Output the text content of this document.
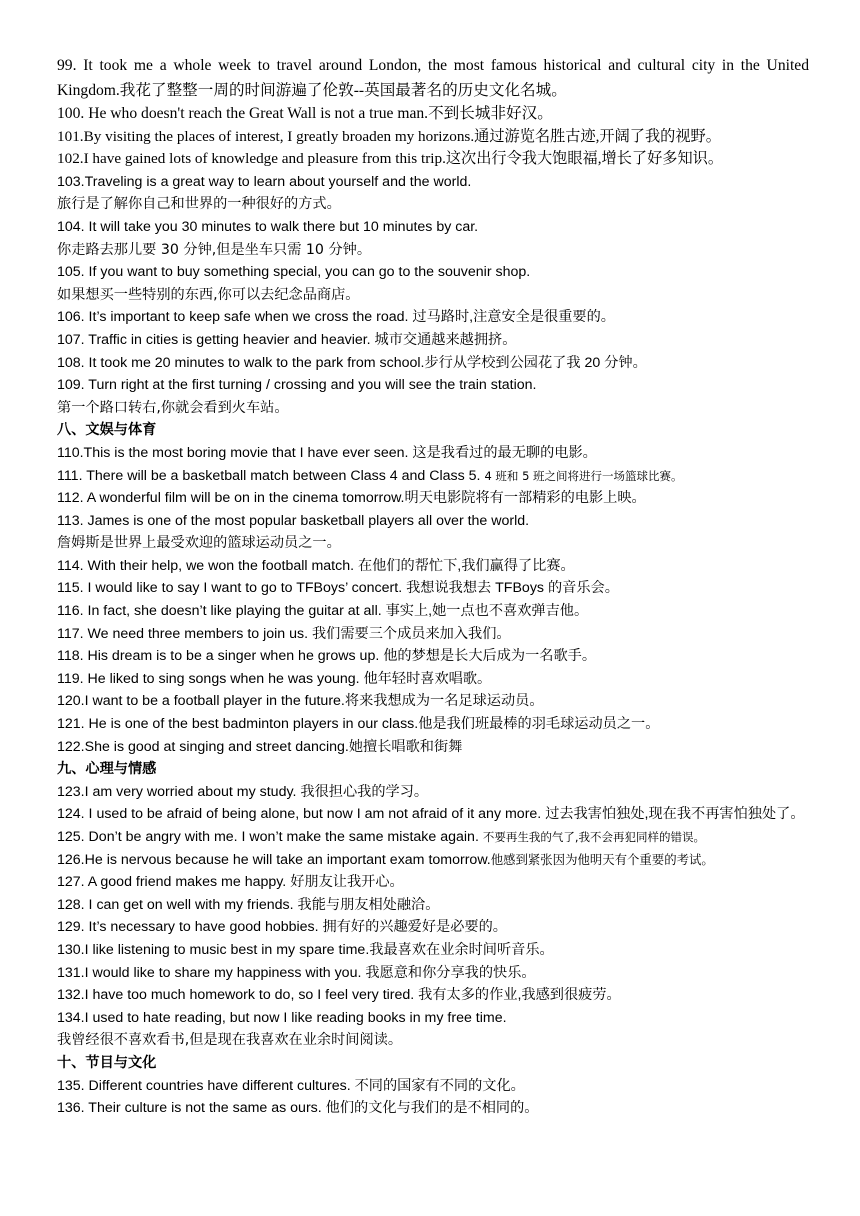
99. It took me a whole week to travel around London, the most famous historical and cultural city in the United Kingdom.我花了整整一周的时间游遍了伦敦--英国最著名的历史文化名城。
100. He who doesn't reach the Great Wall is not a true man.不到长城非好汉。
101.By visiting the places of interest, I greatly broaden my horizons.通过游览名胜古迹,开阔了我的视野。
102.I have gained lots of knowledge and pleasure from this trip.这次出行令我大饱眼福,增长了好多知识。
103.Traveling is a great way to learn about yourself and the world.
旅行是了解你自己和世界的一种很好的方式。
104. It will take you 30 minutes to walk there but 10 minutes by car.
你走路去那儿要 30 分钟,但是坐车只需 10 分钟。
105. If you want to buy something special, you can go to the souvenir shop.
如果想买一些特别的东西,你可以去纪念品商店。
106. It’s important to keep safe when we cross the road. 过马路时,注意安全是很重要的。
107. Traffic in cities is getting heavier and heavier. 城市交通越来越拥挤。
108. It took me 20 minutes to walk to the park from school.步行从学校到公园花了我 20 分钟。
109. Turn right at the first turning / crossing and you will see the train station.
第一个路口转右,你就会看到火车站。
八、文娱与体育
110.This is the most boring movie that I have ever seen. 这是我看过的最无聊的电影。
111. There will be a basketball match between Class 4 and Class 5. 4 班和 5 班之间将进行一场篮球比赛。
112. A wonderful film will be on in the cinema tomorrow.明天电影院将有一部精彩的电影上映。
113. James is one of the most popular basketball players all over the world.
詹姆斯是世界上最受欢迎的篮球运动员之一。
114. With their help, we won the football match. 在他们的帮忙下,我们赢得了比赛。
115. I would like to say I want to go to TFBoys’ concert. 我想说我想去 TFBoys 的音乐会。
116. In fact, she doesn’t like playing the guitar at all. 事实上,她一点也不喜欢弹吉他。
117. We need three members to join us. 我们需要三个成员来加入我们。
118. His dream is to be a singer when he grows up. 他的梦想是长大后成为一名歌手。
119. He liked to sing songs when he was young. 他年轻时喜欢唱歌。
120.I want to be a football player in the future.将来我想成为一名足球运动员。
121. He is one of the best badminton players in our class.他是我们班最棒的羽毛球运动员之一。
122.She is good at singing and street dancing.她擅长唱歌和街舞
九、心理与情感
123.I am very worried about my study. 我很担心我的学习。
124. I used to be afraid of being alone, but now I am not afraid of it any more. 过去我害怕独处,现在我不再害怕独处了。
125. Don’t be angry with me. I won’t make the same mistake again. 不要再生我的气了,我不会再犯同样的错误。
126.He is nervous because he will take an important exam tomorrow.他感到紧张因为他明天有个重要的考试。
127. A good friend makes me happy. 好朋友让我开心。
128. I can get on well with my friends. 我能与朋友相处融洽。
129. It’s necessary to have good hobbies. 拥有好的兴趣爱好是必要的。
130.I like listening to music best in my spare time.我最喜欢在业余时间听音乐。
131.I would like to share my happiness with you. 我愿意和你分享我的快乐。
132.I have too much homework to do, so I feel very tired. 我有太多的作业,我感到很疲劳。
134.I used to hate reading, but now I like reading books in my free time.
我曾经很不喜欢看书,但是现在我喜欢在业余时间阅读。
十、节目与文化
135. Different countries have different cultures. 不同的国家有不同的文化。
136. Their culture is not the same as ours. 他们的文化与我们的是不相同的。
